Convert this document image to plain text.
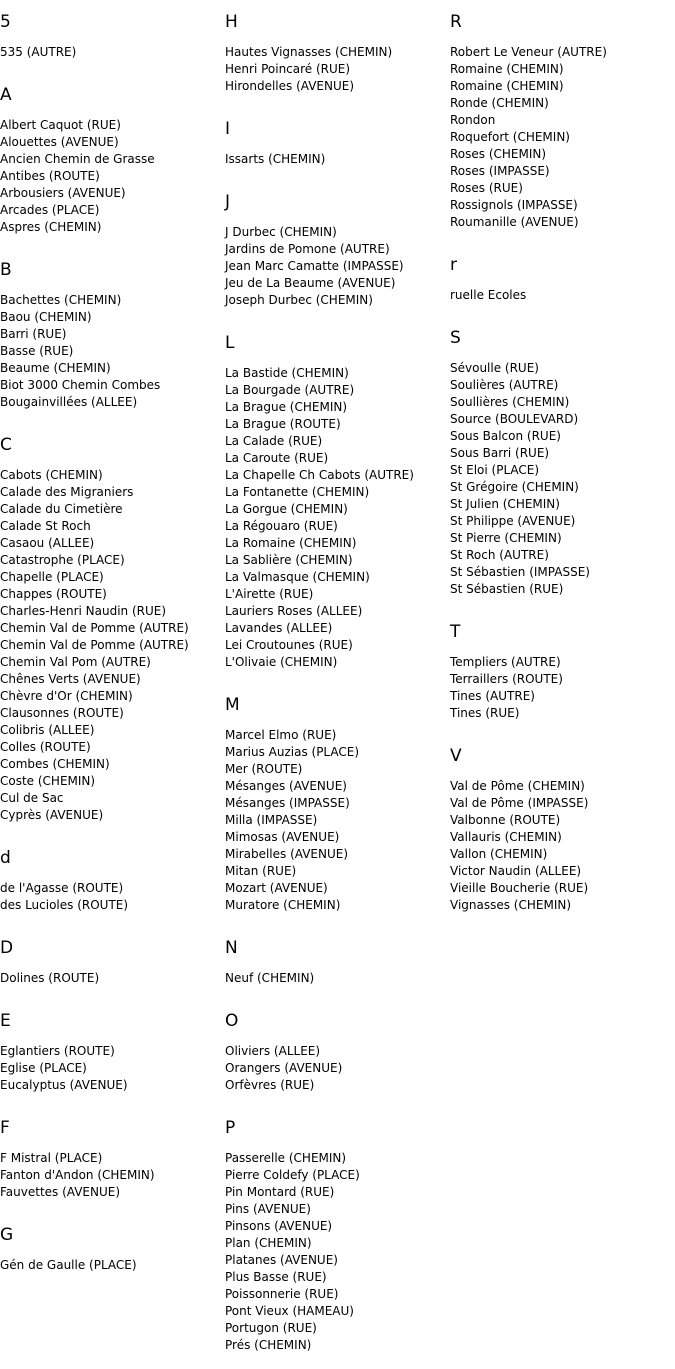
5
535 (AUTRE)
A
Albert Caquot (RUE)
Alouettes (AVENUE)
Ancien Chemin de Grasse
Antibes (ROUTE)
Arbousiers (AVENUE)
Arcades (PLACE)
Aspres (CHEMIN)
B
Bachettes (CHEMIN)
Baou (CHEMIN)
Barri (RUE)
Basse (RUE)
Beaume (CHEMIN)
Biot 3000 Chemin Combes
Bougainvillées (ALLEE)
C
Cabots (CHEMIN)
Calade des Migraniers
Calade du Cimetière
Calade St Roch
Casaou (ALLEE)
Catastrophe (PLACE)
Chapelle (PLACE)
Chappes (ROUTE)
Charles-Henri Naudin (RUE)
Chemin Val de Pomme (AUTRE)
Chemin Val de Pomme (AUTRE)
Chemin Val Pom (AUTRE)
Chênes Verts (AVENUE)
Chèvre d'Or (CHEMIN)
Clausonnes (ROUTE)
Colibris (ALLEE)
Colles (ROUTE)
Combes (CHEMIN)
Coste (CHEMIN)
Cul de Sac
Cyprès (AVENUE)
d
de l'Agasse (ROUTE)
des Lucioles (ROUTE)
D
Dolines (ROUTE)
E
Eglantiers (ROUTE)
Eglise (PLACE)
Eucalyptus (AVENUE)
F
F Mistral (PLACE)
Fanton d'Andon (CHEMIN)
Fauvettes (AVENUE)
G
Gén de Gaulle (PLACE)
H
Hautes Vignasses (CHEMIN)
Henri Poincaré (RUE)
Hirondelles (AVENUE)
I
Issarts (CHEMIN)
J
J Durbec (CHEMIN)
Jardins de Pomone (AUTRE)
Jean Marc Camatte (IMPASSE)
Jeu de La Beaume (AVENUE)
Joseph Durbec (CHEMIN)
L
La Bastide (CHEMIN)
La Bourgade (AUTRE)
La Brague (CHEMIN)
La Brague (ROUTE)
La Calade (RUE)
La Caroute (RUE)
La Chapelle Ch Cabots (AUTRE)
La Fontanette (CHEMIN)
La Gorgue (CHEMIN)
La Régouaro (RUE)
La Romaine (CHEMIN)
La Sablière (CHEMIN)
La Valmasque (CHEMIN)
L'Airette (RUE)
Lauriers Roses (ALLEE)
Lavandes (ALLEE)
Lei Croutounes (RUE)
L'Olivaie (CHEMIN)
M
Marcel Elmo (RUE)
Marius Auzias (PLACE)
Mer (ROUTE)
Mésanges (AVENUE)
Mésanges (IMPASSE)
Milla (IMPASSE)
Mimosas (AVENUE)
Mirabelles (AVENUE)
Mitan (RUE)
Mozart (AVENUE)
Muratore (CHEMIN)
N
Neuf (CHEMIN)
O
Oliviers (ALLEE)
Orangers (AVENUE)
Orfèvres (RUE)
P
Passerelle (CHEMIN)
Pierre Coldefy (PLACE)
Pin Montard (RUE)
Pins (AVENUE)
Pinsons (AVENUE)
Plan (CHEMIN)
Platanes (AVENUE)
Plus Basse (RUE)
Poissonnerie (RUE)
Pont Vieux (HAMEAU)
Portugon (RUE)
Prés (CHEMIN)
R
Robert Le Veneur (AUTRE)
Romaine (CHEMIN)
Romaine (CHEMIN)
Ronde (CHEMIN)
Rondon
Roquefort (CHEMIN)
Roses (CHEMIN)
Roses (IMPASSE)
Roses (RUE)
Rossignols (IMPASSE)
Roumanille (AVENUE)
r
ruelle Ecoles
S
Sévoulle (RUE)
Soulières (AUTRE)
Soullières (CHEMIN)
Source (BOULEVARD)
Sous Balcon (RUE)
Sous Barri (RUE)
St Eloi (PLACE)
St Grégoire (CHEMIN)
St Julien (CHEMIN)
St Philippe (AVENUE)
St Pierre (CHEMIN)
St Roch (AUTRE)
St Sébastien (IMPASSE)
St Sébastien (RUE)
T
Templiers (AUTRE)
Terraillers (ROUTE)
Tines (AUTRE)
Tines (RUE)
V
Val de Pôme (CHEMIN)
Val de Pôme (IMPASSE)
Valbonne (ROUTE)
Vallauris (CHEMIN)
Vallon (CHEMIN)
Victor Naudin (ALLEE)
Vieille Boucherie (RUE)
Vignasses (CHEMIN)
